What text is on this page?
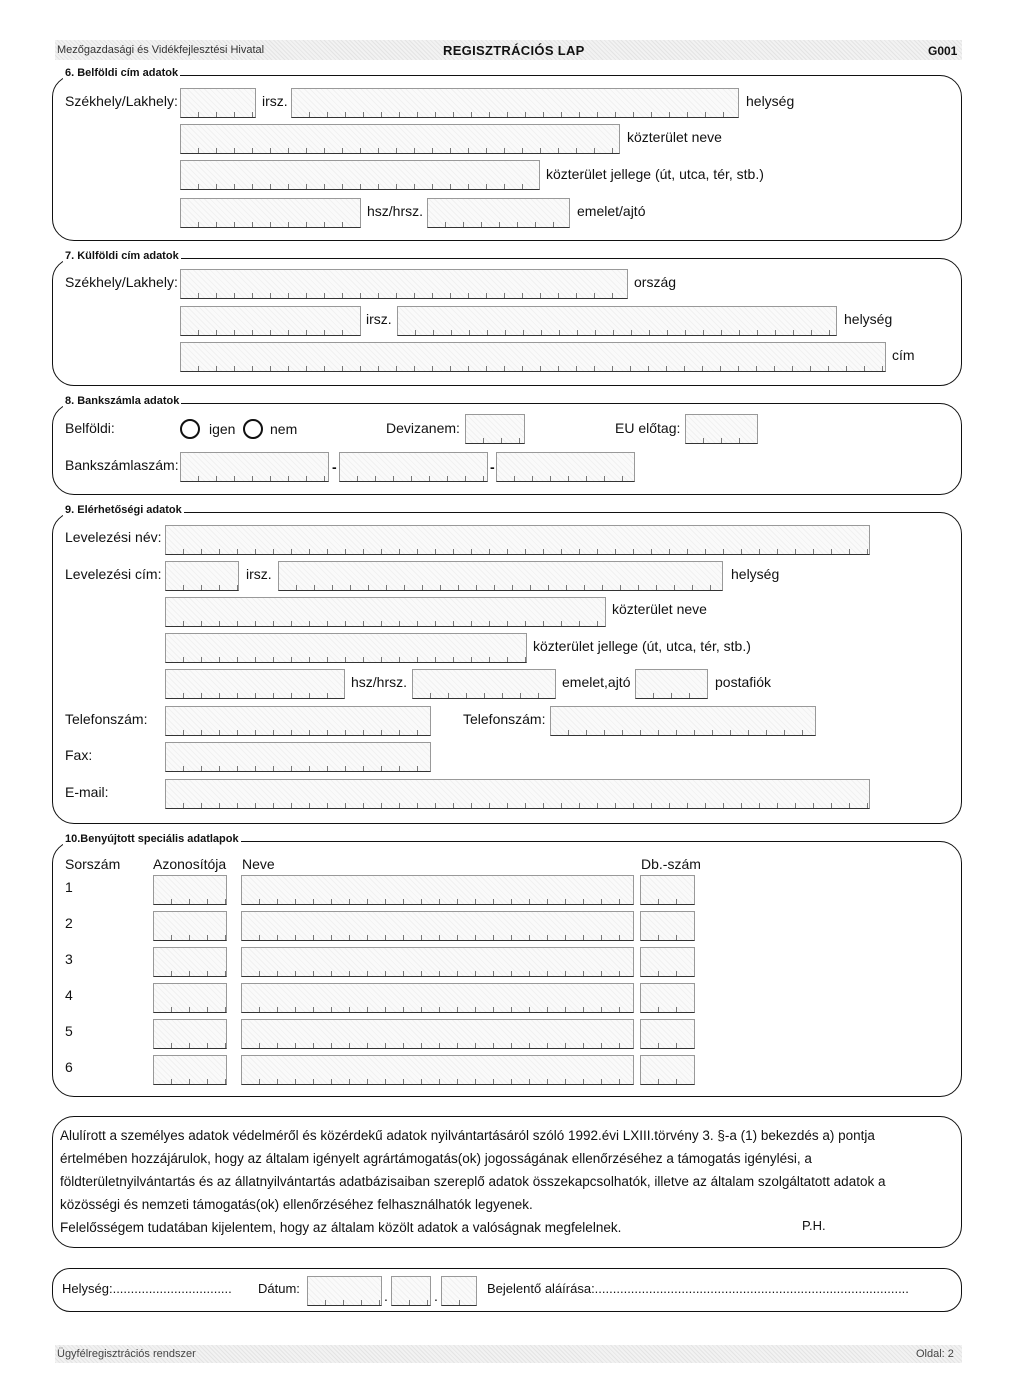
Mezőgazdasági és Vidékfejlesztési Hivatal	REGISZTRÁCIÓS LAP	G001
6. Belföldi cím adatok
Székhely/Lakhely:	irsz.	helység
közterület neve
közterület jellege (út, utca, tér, stb.)
hsz/hrsz.	emelet/ajtó
7. Külföldi cím adatok
Székhely/Lakhely:	ország
irsz.	helység
cím
8. Bankszámla adatok
Belföldi:	igen nem	Devizanem:	EU előtag:
Bankszámlaszám:	-	-
9. Elérhetőségi adatok
Levelezési név:
Levelezési cím:	irsz.	helység
közterület neve
közterület jellege (út, utca, tér, stb.)
hsz/hrsz.	emelet,ajtó	postafiók
Telefonszám:	Telefonszám:
Fax:
E-mail:
10.Benyújtott speciális adatlapok
Sorszám Azonosítója Neve	Db.-szám
1
2
3
4
5
6
Alulírott a személyes adatok védelméről és közérdekű adatok nyilvántartásáról szóló 1992.évi LXIII.törvény 3. §-a (1) bekezdés a) pontja
értelmében hozzájárulok, hogy az általam igényelt agrártámogatás(ok) jogosságának ellenőrzéséhez a támogatás igénylési, a
földterületnyilvántartás és az állatnyilvántartás adatbázisaiban szereplő adatok összekapcsolhatók, illetve az általam szolgáltatott adatok a
közösségi és nemzeti támogatás(ok) ellenőrzéséhez felhasználhatók legyenek.
Felelősségem tudatában kijelentem, hogy az általam közölt adatok a valóságnak megfelelnek.	P.H.
Helység:................................. Dátum:	.	.	Bejelentő aláírása:.......................................................................................
Ügyfélregisztrációs rendszer	Oldal: 2
